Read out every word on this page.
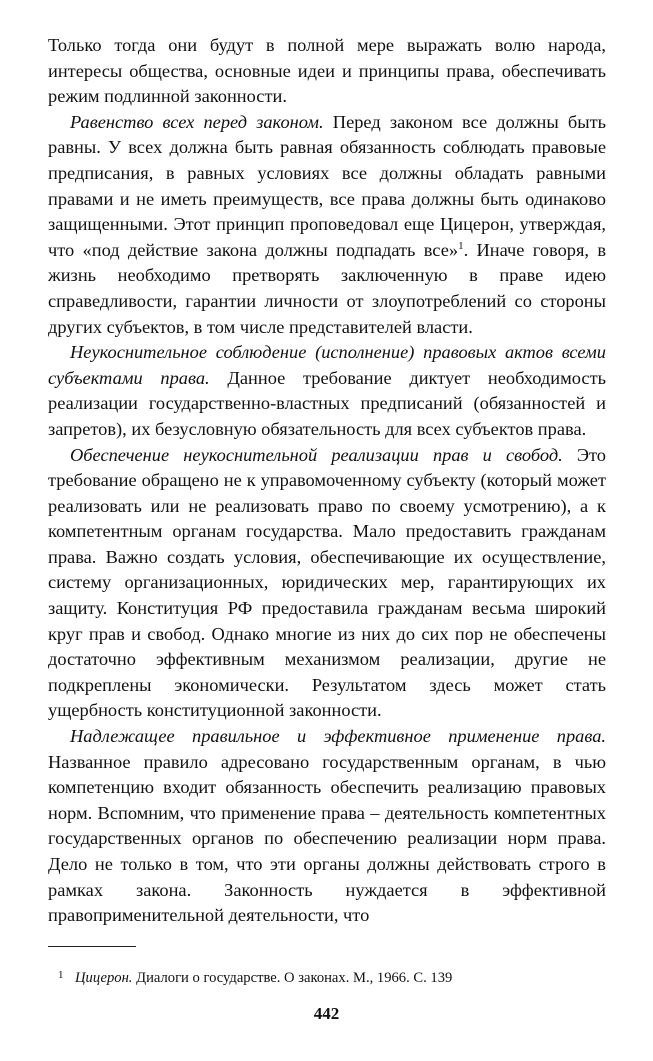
Только тогда они будут в полной мере выражать волю народа, интересы общества, основные идеи и принципы права, обеспечивать режим подлинной законности.

Равенство всех перед законом. Перед законом все должны быть равны. У всех должна быть равная обязанность соблюдать правовые предписания, в равных условиях все должны обладать равными правами и не иметь преимуществ, все права должны быть одинаково защищенными. Этот принцип проповедовал еще Цицерон, утверждая, что «под действие закона должны подпадать все»$^1$. Иначе говоря, в жизнь необходимо претворять заключенную в праве идею справедливости, гарантии личности от злоупотреблений со стороны других субъектов, в том числе представителей власти.

Неукоснительное соблюдение (исполнение) правовых актов всеми субъектами права. Данное требование диктует необходимость реализации государственно-властных предписаний (обязанностей и запретов), их безусловную обязательность для всех субъектов права.

Обеспечение неукоснительной реализации прав и свобод. Это требование обращено не к управомоченному субъекту (который может реализовать или не реализовать право по своему усмотрению), а к компетентным органам государства. Мало предоставить гражданам права. Важно создать условия, обеспечивающие их осуществление, систему организационных, юридических мер, гарантирующих их защиту. Конституция РФ предоставила гражданам весьма широкий круг прав и свобод. Однако многие из них до сих пор не обеспечены достаточно эффективным механизмом реализации, другие не подкреплены экономически. Результатом здесь может стать ущербность конституционной законности.

Надлежащее правильное и эффективное применение права. Названное правило адресовано государственным органам, в чью компетенцию входит обязанность обеспечить реализацию правовых норм. Вспомним, что применение права – деятельность компетентных государственных органов по обеспечению реализации норм права. Дело не только в том, что эти органы должны действовать строго в рамках закона. Законность нуждается в эффективной правоприменительной деятельности, что

1 Цицерон. Диалоги о государстве. О законах. М., 1966. С. 139
442
